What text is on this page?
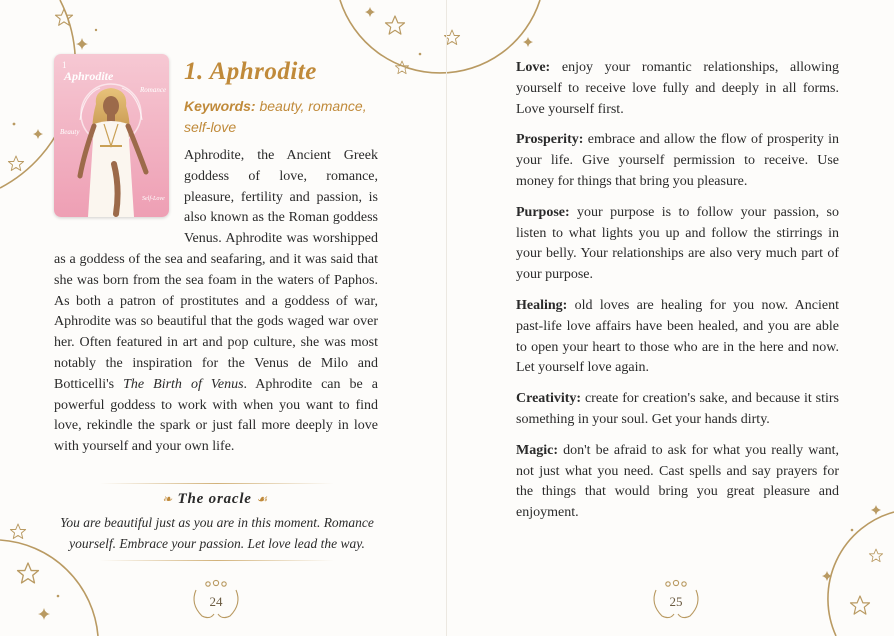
1
Aphrodite
Romance
Beauty
Self-Love
1. Aphrodite
Keywords: beauty, romance, self-love
Aphrodite, the Ancient Greek goddess of love, romance, pleasure, fertility and passion, is also known as the Roman goddess Venus. Aphrodite was worshipped as a goddess of the sea and seafaring, and it was said that she was born from the sea foam in the waters of Paphos. As both a patron of prostitutes and a goddess of war, Aphrodite was so beautiful that the gods waged war over her. Often featured in art and pop culture, she was most notably the inspiration for the Venus de Milo and Botticelli's The Birth of Venus. Aphrodite can be a powerful goddess to work with when you want to find love, rekindle the spark or just fall more deeply in love with yourself and your own life.
❧︎ The oracle ☙︎
You are beautiful just as you are in this moment. Romance yourself. Embrace your passion. Let love lead the way.
24

Love: enjoy your romantic relationships, allowing yourself to receive love fully and deeply in all forms. Love yourself first.

Prosperity: embrace and allow the flow of prosperity in your life. Give yourself permission to receive. Use money for things that bring you pleasure.

Purpose: your purpose is to follow your passion, so listen to what lights you up and follow the stirrings in your belly. Your relationships are also very much part of your purpose.

Healing: old loves are healing for you now. Ancient past-life love affairs have been healed, and you are able to open your heart to those who are in the here and now. Let yourself love again.

Creativity: create for creation's sake, and because it stirs something in your soul. Get your hands dirty.

Magic: don't be afraid to ask for what you really want, not just what you need. Cast spells and say prayers for the things that would bring you great pleasure and enjoyment.

25
